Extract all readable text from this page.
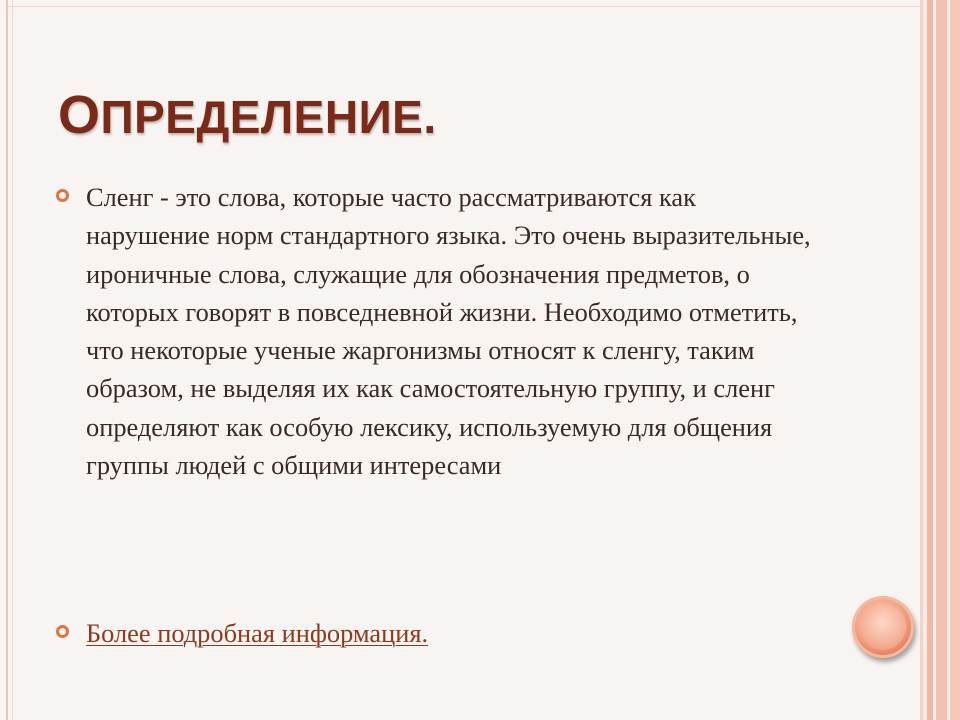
ОПРЕДЕЛЕНИЕ.
Сленг - это слова, которые часто рассматриваются как нарушение норм стандартного языка. Это очень выразительные, ироничные слова, служащие для обозначения предметов, о которых говорят в повседневной жизни. Необходимо отметить, что некоторые ученые жаргонизмы относят к сленгу, таким образом, не выделяя их как самостоятельную группу, и сленг определяют как особую лексику, используемую для общения группы людей с общими интересами
Более подробная информация.
